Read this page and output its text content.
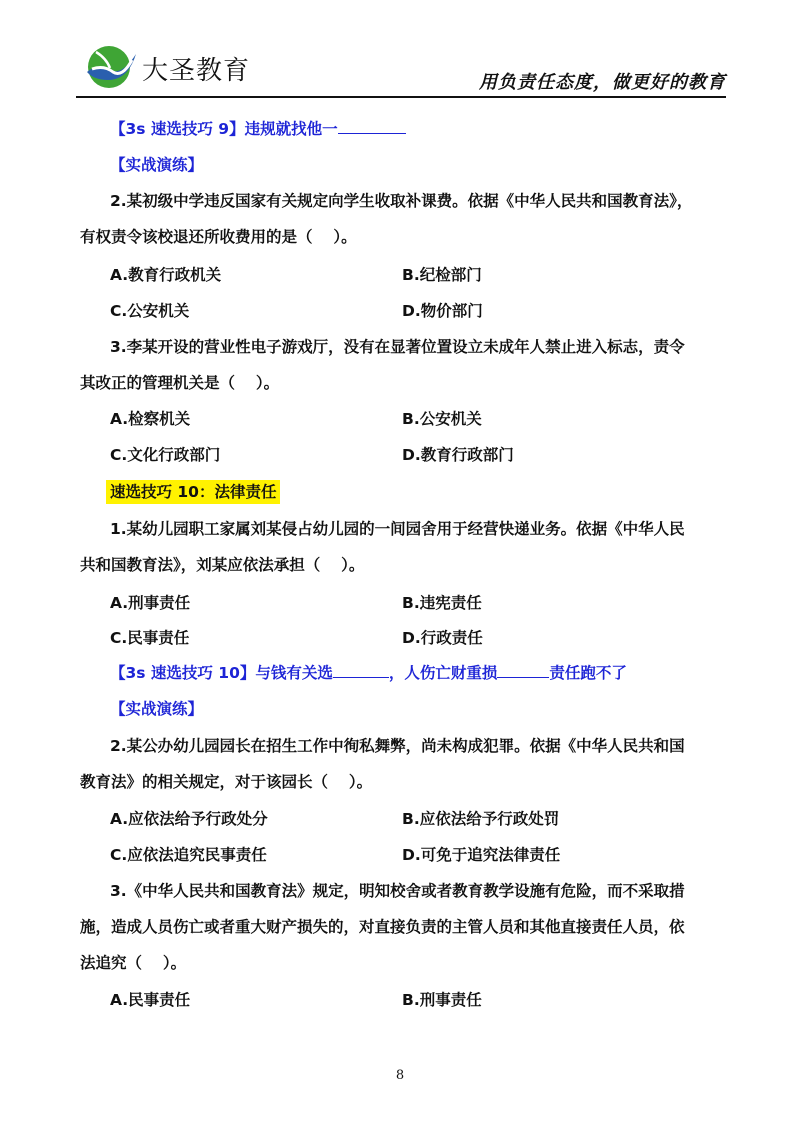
大圣教育	用负责任态度，做更好的教育
【3s 速选技巧 9】违规就找他一
【实战演练】
2.某初级中学违反国家有关规定向学生收取补课费。依据《中华人民共和国教育法》，
有权责令该校退还所收费用的是（　 ）。
A.教育行政机关	B.纪检部门
C.公安机关	D.物价部门
3.李某开设的营业性电子游戏厅，没有在显著位置设立未成年人禁止进入标志，责令
其改正的管理机关是（　 ）。
A.检察机关	B.公安机关
C.文化行政部门	D.教育行政部门
速选技巧 10：法律责任
1.某幼儿园职工家属刘某侵占幼儿园的一间园舍用于经营快递业务。依据《中华人民
共和国教育法》，刘某应依法承担（　 ）。
A.刑事责任	B.违宪责任
C.民事责任	D.行政责任
【3s 速选技巧 10】与钱有关选	，人伤亡财重损	责任跑不了
【实战演练】
2.某公办幼儿园园长在招生工作中徇私舞弊，尚未构成犯罪。依据《中华人民共和国
教育法》的相关规定，对于该园长（　 ）。
A.应依法给予行政处分	B.应依法给予行政处罚
C.应依法追究民事责任	D.可免于追究法律责任
3.《中华人民共和国教育法》规定，明知校舍或者教育教学设施有危险，而不采取措
施，造成人员伤亡或者重大财产损失的，对直接负责的主管人员和其他直接责任人员，依
法追究（　 ）。
A.民事责任	B.刑事责任
8
